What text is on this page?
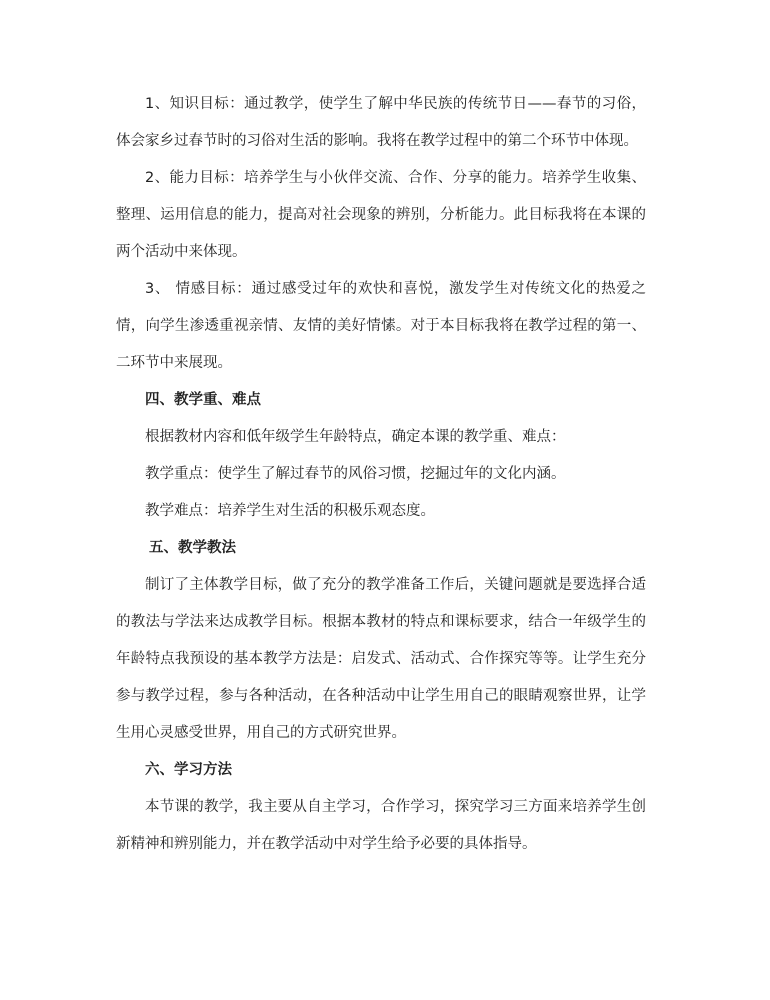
1、知识目标：通过教学，使学生了解中华民族的传统节日——春节的习俗，体会家乡过春节时的习俗对生活的影响。我将在教学过程中的第二个环节中体现。

2、能力目标：培养学生与小伙伴交流、合作、分享的能力。培养学生收集、整理、运用信息的能力，提高对社会现象的辨别，分析能力。此目标我将在本课的两个活动中来体现。

3、 情感目标：通过感受过年的欢快和喜悦，激发学生对传统文化的热爱之情，向学生渗透重视亲情、友情的美好情愫。对于本目标我将在教学过程的第一、二环节中来展现。

四、教学重、难点

根据教材内容和低年级学生年龄特点，确定本课的教学重、难点：

教学重点：使学生了解过春节的风俗习惯，挖掘过年的文化内涵。

教学难点：培养学生对生活的积极乐观态度。

五、教学教法

制订了主体教学目标，做了充分的教学准备工作后，关键问题就是要选择合适的教法与学法来达成教学目标。根据本教材的特点和课标要求，结合一年级学生的年龄特点我预设的基本教学方法是：启发式、活动式、合作探究等等。让学生充分参与教学过程，参与各种活动，在各种活动中让学生用自己的眼睛观察世界，让学生用心灵感受世界，用自己的方式研究世界。

六、学习方法

本节课的教学，我主要从自主学习，合作学习，探究学习三方面来培养学生创新精神和辨别能力，并在教学活动中对学生给予必要的具体指导。
